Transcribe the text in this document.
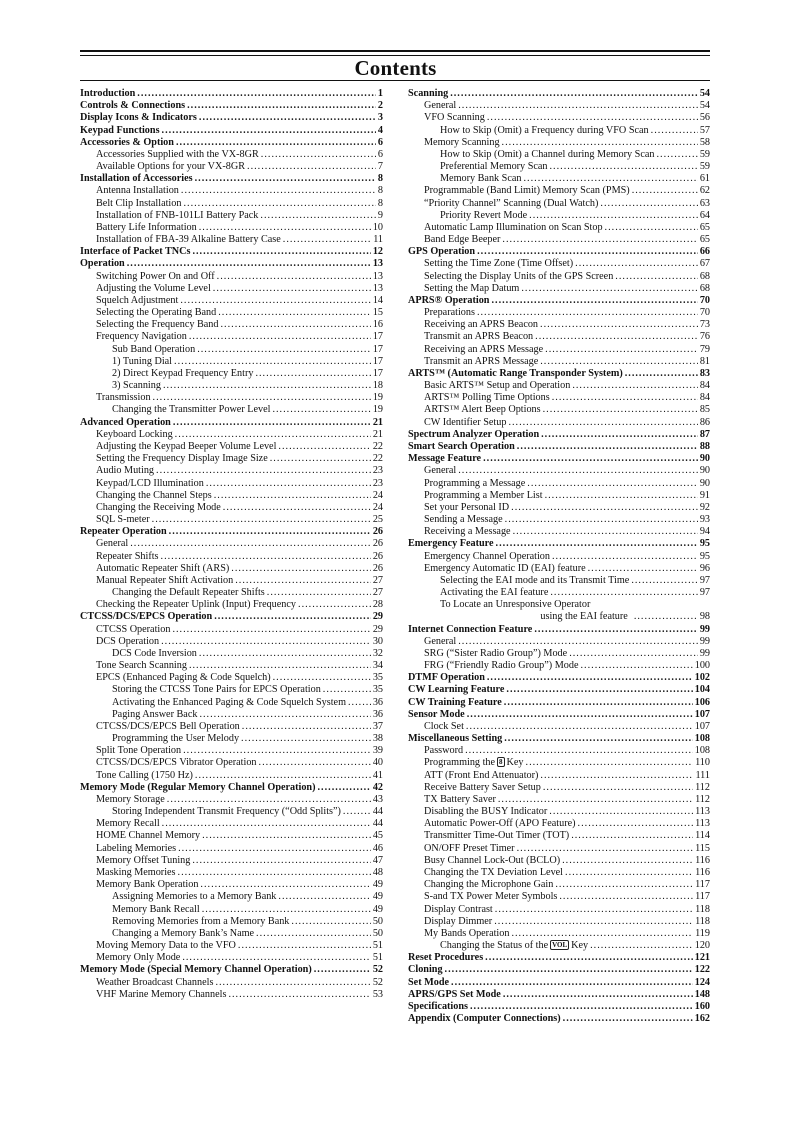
Contents
Introduction .....	1
Controls & Connections .....	2
Display Icons & Indicators .....	3
Keypad Functions .....	4
Accessories & Option .....	6
Accessories Supplied with the VX-8GR .....	6
Available Options for your VX-8GR .....	7
Installation of Accessories .....	8
Antenna Installation .....	8
Belt Clip Installation .....	8
Installation of FNB-101LI Battery Pack .....	9
Battery Life Information .....	10
Installation of FBA-39 Alkaline Battery Case .....	11
Interface of Packet TNCs .....	12
Operation .....	13
Switching Power On and Off .....	13
Adjusting the Volume Level .....	13
Squelch Adjustment .....	14
Selecting the Operating Band .....	15
Selecting the Frequency Band .....	16
Frequency Navigation .....	17
Sub Band Operation .....	17
1) Tuning Dial .....	17
2) Direct Keypad Frequency Entry .....	17
3) Scanning .....	18
Transmission .....	19
Changing the Transmitter Power Level .....	19
Advanced Operation .....	21
Keyboard Locking .....	21
Adjusting the Keypad Beeper Volume Level .....	22
Setting the Frequency Display Image Size .....	22
Audio Muting .....	23
Keypad/LCD Illumination .....	23
Changing the Channel Steps .....	24
Changing the Receiving Mode .....	24
SQL S-meter .....	25
Repeater Operation .....	26
General .....	26
Repeater Shifts .....	26
Automatic Repeater Shift (ARS) .....	26
Manual Repeater Shift Activation .....	27
Changing the Default Repeater Shifts .....	27
Checking the Repeater Uplink (Input) Frequency .....	28
CTCSS/DCS/EPCS Operation .....	29
CTCSS Operation .....	29
DCS Operation .....	30
DCS Code Inversion .....	32
Tone Search Scanning .....	34
EPCS (Enhanced Paging & Code Squelch) .....	35
Storing the CTCSS Tone Pairs for EPCS Operation .....	35
Activating the Enhanced Paging & Code Squelch System .....	36
Paging Answer Back .....	36
CTCSS/DCS/EPCS Bell Operation .....	37
Programming the User Melody .....	38
Split Tone Operation .....	39
CTCSS/DCS/EPCS Vibrator Operation .....	40
Tone Calling (1750 Hz) .....	41
Memory Mode (Regular Memory Channel Operation) .....	42
Memory Storage .....	43
Storing Independent Transmit Frequency (“Odd Splits”) .....	44
Memory Recall .....	44
HOME Channel Memory .....	45
Labeling Memories .....	46
Memory Offset Tuning .....	47
Masking Memories .....	48
Memory Bank Operation .....	49
Assigning Memories to a Memory Bank .....	49
Memory Bank Recall .....	49
Removing Memories from a Memory Bank .....	50
Changing a Memory Bank’s Name .....	50
Moving Memory Data to the VFO .....	51
Memory Only Mode .....	51
Memory Mode (Special Memory Channel Operation) .....	52
Weather Broadcast Channels .....	52
VHF Marine Memory Channels .....	53
Scanning .....	54
General .....	54
VFO Scanning .....	56
How to Skip (Omit) a Frequency during VFO Scan .....	57
Memory Scanning .....	58
How to Skip (Omit) a Channel during Memory Scan .....	59
Preferential Memory Scan .....	59
Memory Bank Scan .....	61
Programmable (Band Limit) Memory Scan (PMS) .....	62
“Priority Channel” Scanning (Dual Watch) .....	63
Priority Revert Mode .....	64
Automatic Lamp Illumination on Scan Stop .....	65
Band Edge Beeper .....	65
GPS Operation .....	66
Setting the Time Zone (Time Offset) .....	67
Selecting the Display Units of the GPS Screen .....	68
Setting the Map Datum .....	68
APRS® Operation .....	70
Preparations .....	70
Receiving an APRS Beacon .....	73
Transmit an APRS Beacon .....	76
Receiving an APRS Message .....	79
Transmit an APRS Message .....	81
ARTS™ (Automatic Range Transponder System) .....	83
Basic ARTS™ Setup and Operation .....	84
ARTS™ Polling Time Options .....	84
ARTS™ Alert Beep Options .....	85
CW Identifier Setup .....	86
Spectrum Analyzer Operation .....	87
Smart Search Operation .....	88
Message Feature .....	90
General .....	90
Programming a Message .....	90
Programming a Member List .....	91
Set your Personal ID .....	92
Sending a Message .....	93
Receiving a Message .....	94
Emergency Feature .....	95
Emergency Channel Operation .....	95
Emergency Automatic ID (EAI) feature .....	96
Selecting the EAI mode and its Transmit Time .....	97
Activating the EAI feature .....	97
To Locate an Unresponsive Operator
using the EAI feature .....	98
Internet Connection Feature .....	99
General .....	99
SRG (“Sister Radio Group”) Mode .....	99
FRG (“Friendly Radio Group”) Mode .....	100
DTMF Operation .....	102
CW Learning Feature .....	104
CW Training Feature .....	106
Sensor Mode .....	107
Clock Set .....	107
Miscellaneous Setting .....	108
Password .....	108
Programming the 8 Key .....	110
ATT (Front End Attenuator) .....	111
Receive Battery Saver Setup .....	112
TX Battery Saver .....	112
Disabling the BUSY Indicator .....	113
Automatic Power-Off (APO Feature) .....	113
Transmitter Time-Out Timer (TOT) .....	114
ON/OFF Preset Timer .....	115
Busy Channel Lock-Out (BCLO) .....	116
Changing the TX Deviation Level .....	116
Changing the Microphone Gain .....	117
S-and TX Power Meter Symbols .....	117
Display Contrast .....	118
Display Dimmer .....	118
My Bands Operation .....	119
Changing the Status of the VOL Key .....	120
Reset Procedures .....	121
Cloning .....	122
Set Mode .....	124
APRS/GPS Set Mode .....	148
Specifications .....	160
Appendix (Computer Connections) .....	162
